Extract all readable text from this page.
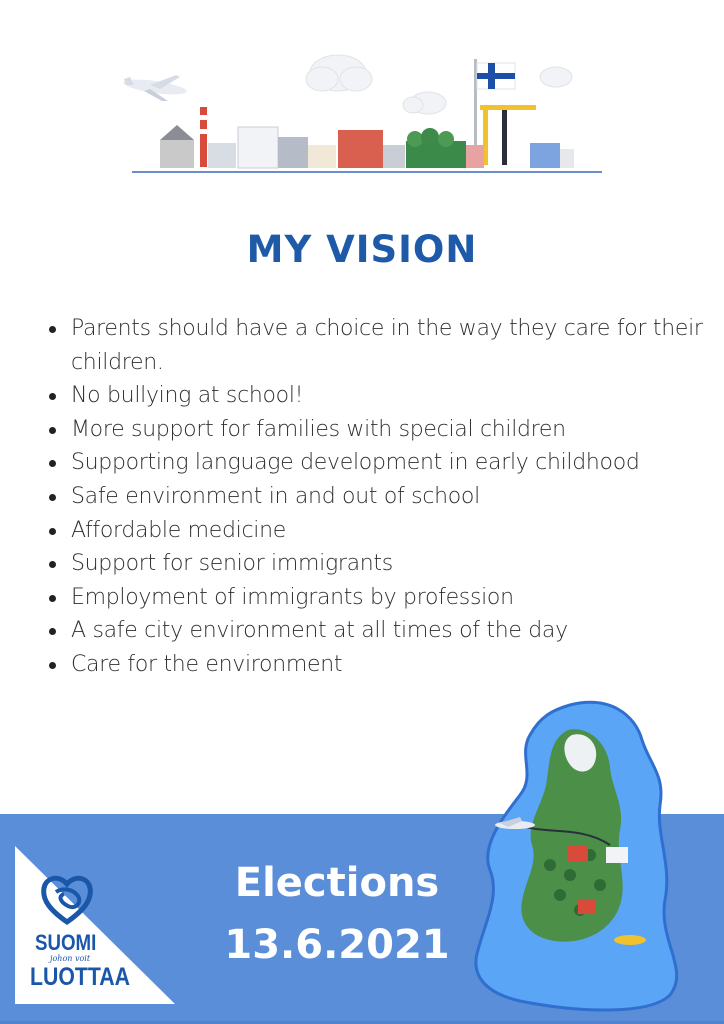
MY VISION
Parents should have a choice in the way they care for their children.
No bullying at school!
More support for families with special children
Supporting language development in early childhood
Safe environment in and out of school
Affordable medicine
Support for senior immigrants
Employment of immigrants by profession
A safe city environment at all times of the day
Care for the environment
SUOMI
johon voit
LUOTTAA
Elections
13.6.2021
